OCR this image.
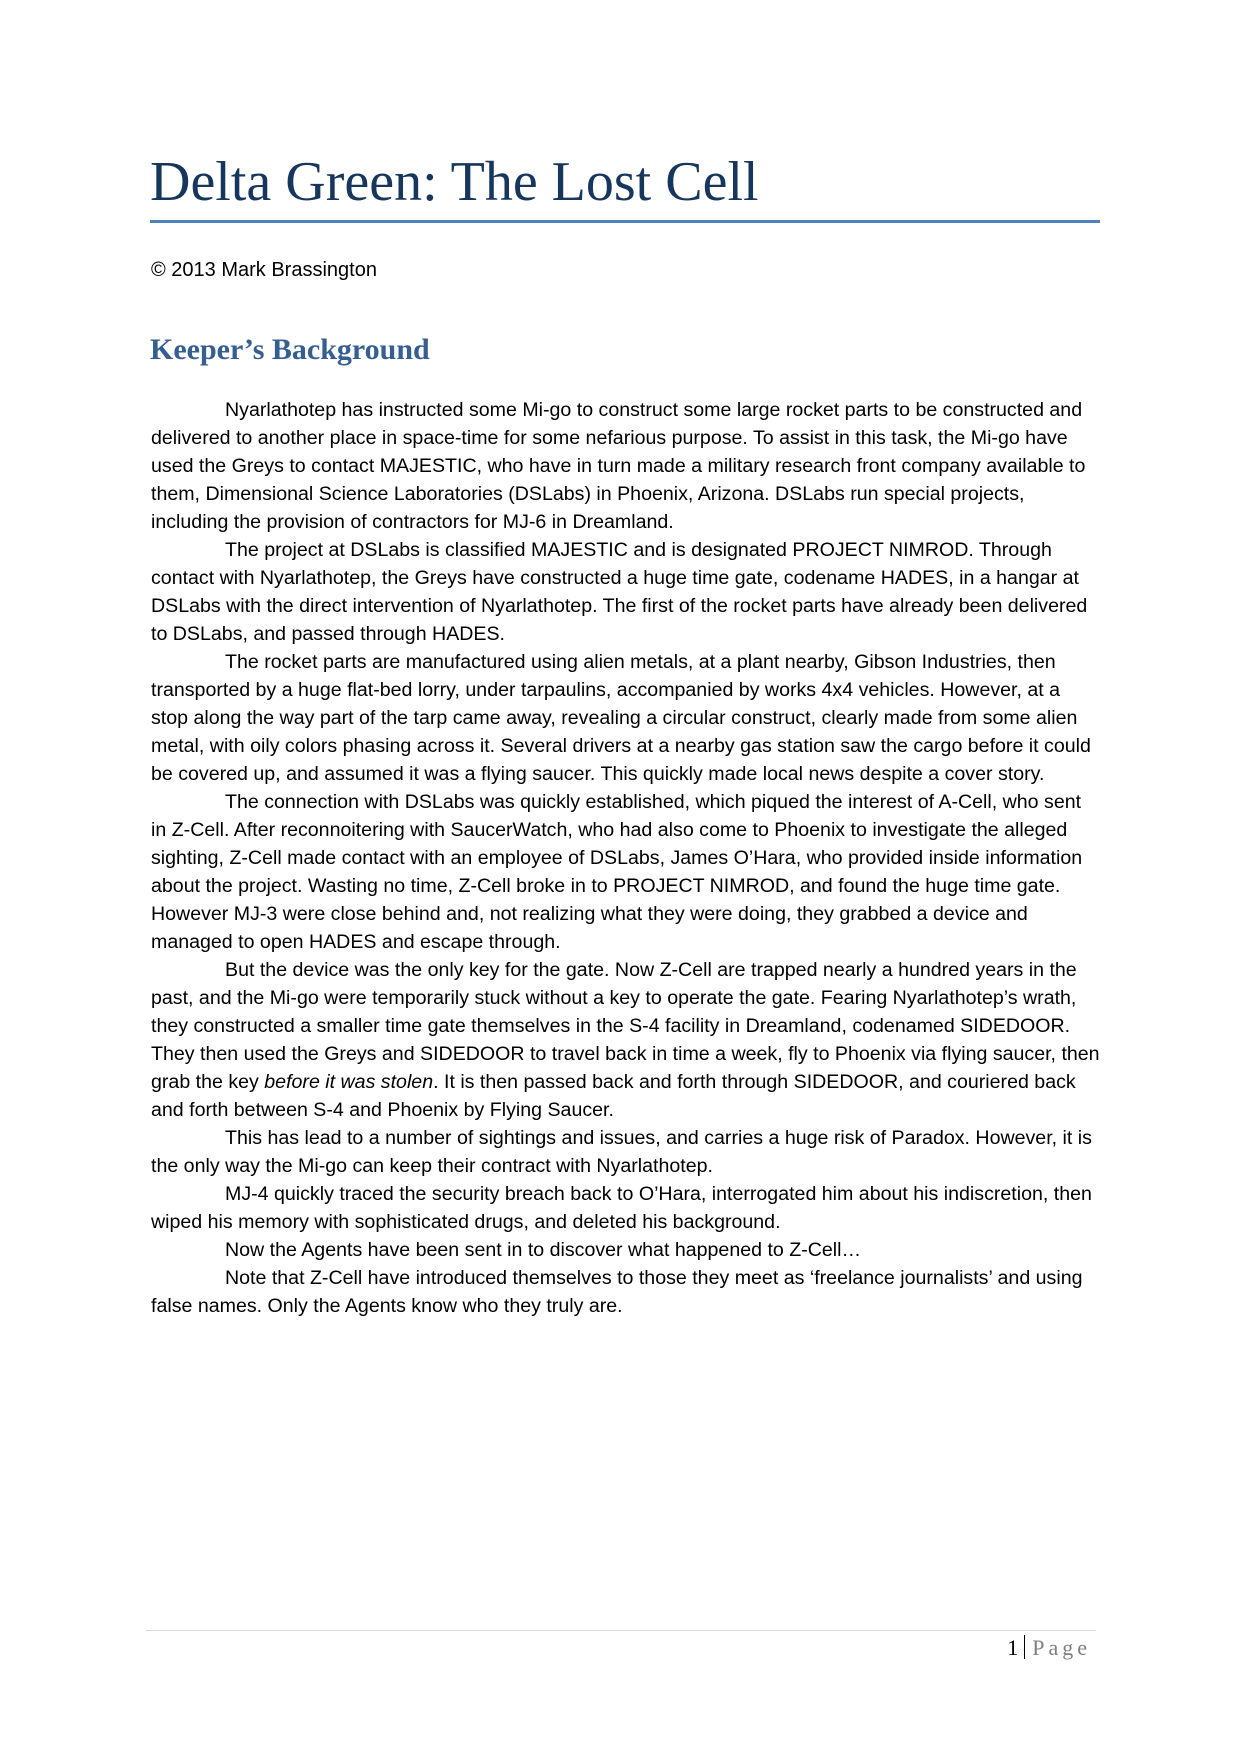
Delta Green: The Lost Cell

© 2013 Mark Brassington

Keeper’s Background

Nyarlathotep has instructed some Mi-go to construct some large rocket parts to be constructed and delivered to another place in space-time for some nefarious purpose. To assist in this task, the Mi-go have used the Greys to contact MAJESTIC, who have in turn made a military research front company available to them, Dimensional Science Laboratories (DSLabs) in Phoenix, Arizona. DSLabs run special projects, including the provision of contractors for MJ-6 in Dreamland.

The project at DSLabs is classified MAJESTIC and is designated PROJECT NIMROD. Through contact with Nyarlathotep, the Greys have constructed a huge time gate, codename HADES, in a hangar at DSLabs with the direct intervention of Nyarlathotep. The first of the rocket parts have already been delivered to DSLabs, and passed through HADES.

The rocket parts are manufactured using alien metals, at a plant nearby, Gibson Industries, then transported by a huge flat-bed lorry, under tarpaulins, accompanied by works 4x4 vehicles. However, at a stop along the way part of the tarp came away, revealing a circular construct, clearly made from some alien metal, with oily colors phasing across it. Several drivers at a nearby gas station saw the cargo before it could be covered up, and assumed it was a flying saucer. This quickly made local news despite a cover story.

The connection with DSLabs was quickly established, which piqued the interest of A-Cell, who sent in Z-Cell. After reconnoitering with SaucerWatch, who had also come to Phoenix to investigate the alleged sighting, Z-Cell made contact with an employee of DSLabs, James O’Hara, who provided inside information about the project. Wasting no time, Z-Cell broke in to PROJECT NIMROD, and found the huge time gate. However MJ-3 were close behind and, not realizing what they were doing, they grabbed a device and managed to open HADES and escape through.

But the device was the only key for the gate. Now Z-Cell are trapped nearly a hundred years in the past, and the Mi-go were temporarily stuck without a key to operate the gate. Fearing Nyarlathotep’s wrath, they constructed a smaller time gate themselves in the S-4 facility in Dreamland, codenamed SIDEDOOR. They then used the Greys and SIDEDOOR to travel back in time a week, fly to Phoenix via flying saucer, then grab the key before it was stolen. It is then passed back and forth through SIDEDOOR, and couriered back and forth between S-4 and Phoenix by Flying Saucer.

This has lead to a number of sightings and issues, and carries a huge risk of Paradox. However, it is the only way the Mi-go can keep their contract with Nyarlathotep.

MJ-4 quickly traced the security breach back to O’Hara, interrogated him about his indiscretion, then wiped his memory with sophisticated drugs, and deleted his background.

Now the Agents have been sent in to discover what happened to Z-Cell…

Note that Z-Cell have introduced themselves to those they meet as ‘freelance journalists’ and using false names. Only the Agents know who they truly are.

1 Page
